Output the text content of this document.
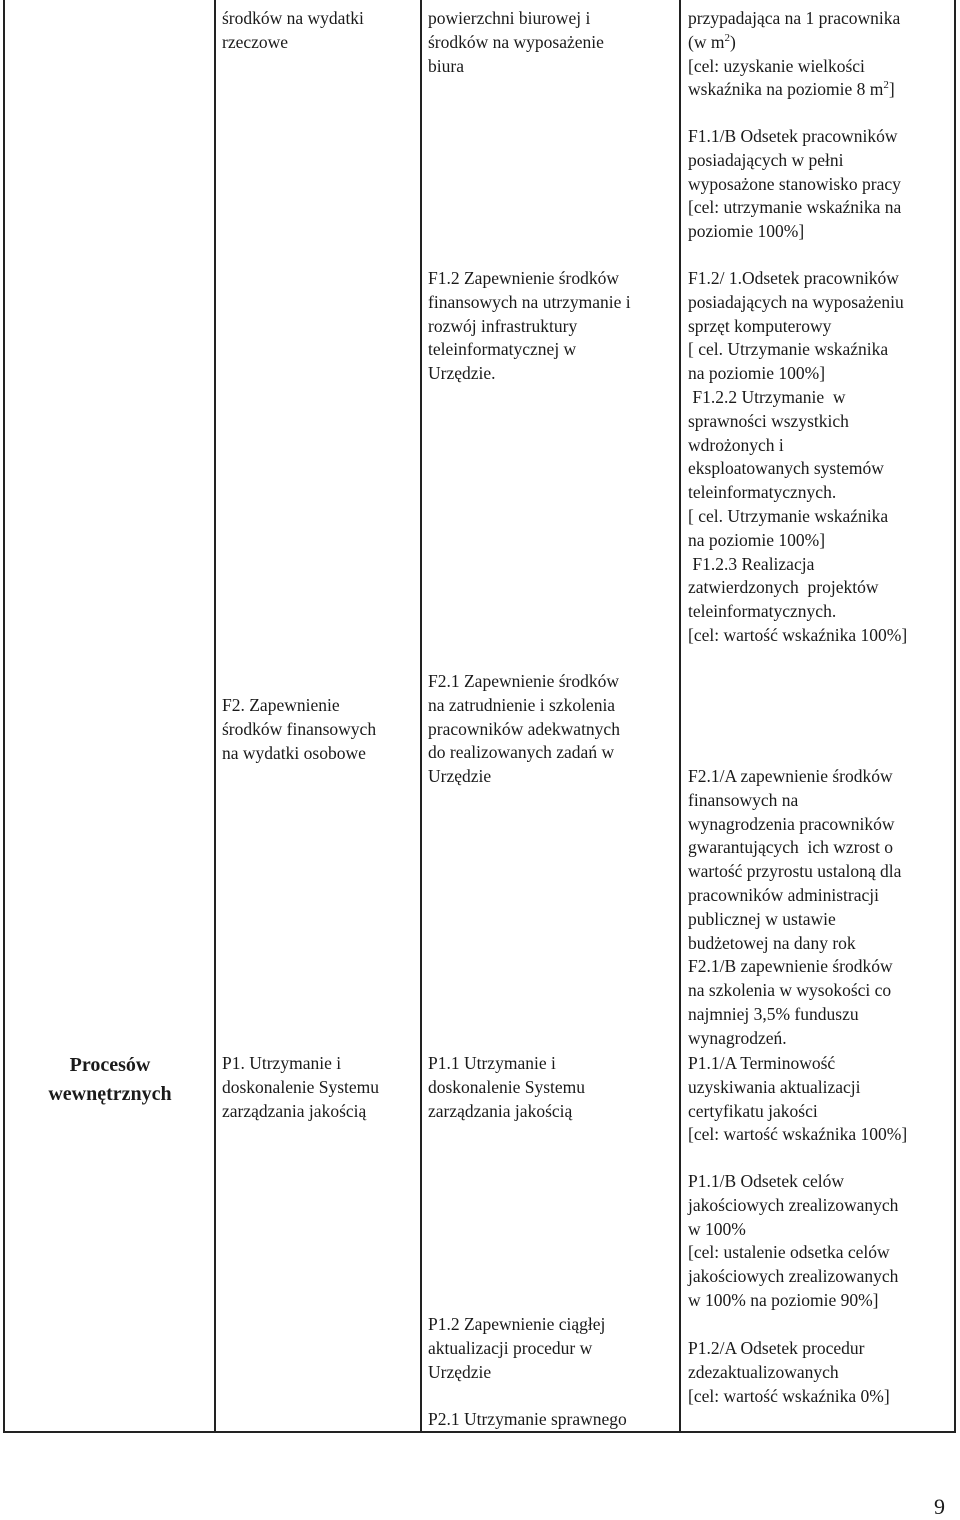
Procesów
wewnętrznych
środków na wydatki
rzeczowe
powierzchni biurowej i
środków na wyposażenie
biura
przypadająca na 1 pracownika
(w $m^2$)
[cel: uzyskanie wielkości
wskaźnika na poziomie 8 $m^2$]
F1.1/B Odsetek pracowników
posiadających w pełni
wyposażone stanowisko pracy
[cel: utrzymanie wskaźnika na
poziomie 100%]
F1.2 Zapewnienie środków
finansowych na utrzymanie i
rozwój infrastruktury
teleinformatycznej w
Urzędzie.
F1.2/ 1.Odsetek pracowników
posiadających na wyposażeniu
sprzęt komputerowy
[ cel. Utrzymanie wskaźnika
na poziomie 100%]
F1.2.2 Utrzymanie  w
sprawności wszystkich
wdrożonych i
eksploatowanych systemów
teleinformatycznych.
[ cel. Utrzymanie wskaźnika
na poziomie 100%]
F1.2.3 Realizacja
zatwierdzonych  projektów
teleinformatycznych.
[cel: wartość wskaźnika 100%]
F2. Zapewnienie
środków finansowych
na wydatki osobowe
F2.1 Zapewnienie środków
na zatrudnienie i szkolenia
pracowników adekwatnych
do realizowanych zadań w
Urzędzie	F2.1/A zapewnienie środków
finansowych na
wynagrodzenia pracowników
gwarantujących  ich wzrost o
wartość przyrostu ustaloną dla
pracowników administracji
publicznej w ustawie
budżetowej na dany rok
F2.1/B zapewnienie środków
na szkolenia w wysokości co
najmniej 3,5% funduszu
wynagrodzeń.
P1. Utrzymanie i
doskonalenie Systemu
zarządzania jakością
P1.1 Utrzymanie i
doskonalenie Systemu
zarządzania jakością
P1.1/A Terminowość
uzyskiwania aktualizacji
certyfikatu jakości
[cel: wartość wskaźnika 100%]
P1.1/B Odsetek celów
jakościowych zrealizowanych
w 100%
[cel: ustalenie odsetka celów
jakościowych zrealizowanych
w 100% na poziomie 90%]
P1.2 Zapewnienie ciągłej
aktualizacji procedur w
Urzędzie
P1.2/A Odsetek procedur
zdezaktualizowanych
[cel: wartość wskaźnika 0%]
P2.1 Utrzymanie sprawnego
9
